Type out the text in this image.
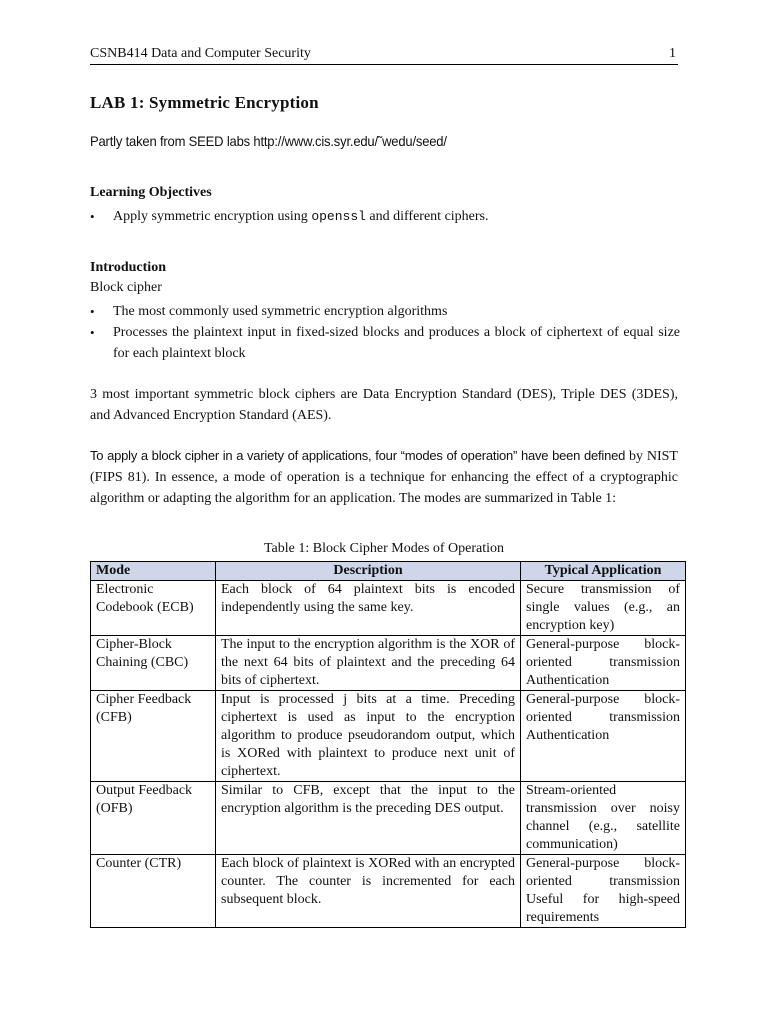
CSNB414 Data and Computer Security	1
LAB 1: Symmetric Encryption
Partly taken from SEED labs http://www.cis.syr.edu/˜wedu/seed/
Learning Objectives
• Apply symmetric encryption using openssl and different ciphers.
Introduction
Block cipher
• The most commonly used symmetric encryption algorithms
• Processes the plaintext input in fixed-sized blocks and produces a block of ciphertext of equal size for each plaintext block
3 most important symmetric block ciphers are Data Encryption Standard (DES), Triple DES (3DES), and Advanced Encryption Standard (AES).
To apply a block cipher in a variety of applications, four “modes of operation” have been defined by NIST (FIPS 81). In essence, a mode of operation is a technique for enhancing the effect of a cryptographic algorithm or adapting the algorithm for an application. The modes are summarized in Table 1:
Table 1: Block Cipher Modes of Operation
Mode	Description	Typical Application
Electronic Codebook (ECB)	Each block of 64 plaintext bits is encoded independently using the same key.	Secure transmission of single values (e.g., an encryption key)
Cipher-Block Chaining (CBC)	The input to the encryption algorithm is the XOR of the next 64 bits of plaintext and the preceding 64 bits of ciphertext.	General-purpose block-oriented transmission Authentication
Cipher Feedback (CFB)	Input is processed j bits at a time. Preceding ciphertext is used as input to the encryption algorithm to produce pseudorandom output, which is XORed with plaintext to produce next unit of ciphertext.	General-purpose block-oriented transmission Authentication
Output Feedback (OFB)	Similar to CFB, except that the input to the encryption algorithm is the preceding DES output.	Stream-oriented transmission over noisy channel (e.g., satellite communication)
Counter (CTR)	Each block of plaintext is XORed with an encrypted counter. The counter is incremented for each subsequent block.	General-purpose block-oriented transmission Useful for high-speed requirements
